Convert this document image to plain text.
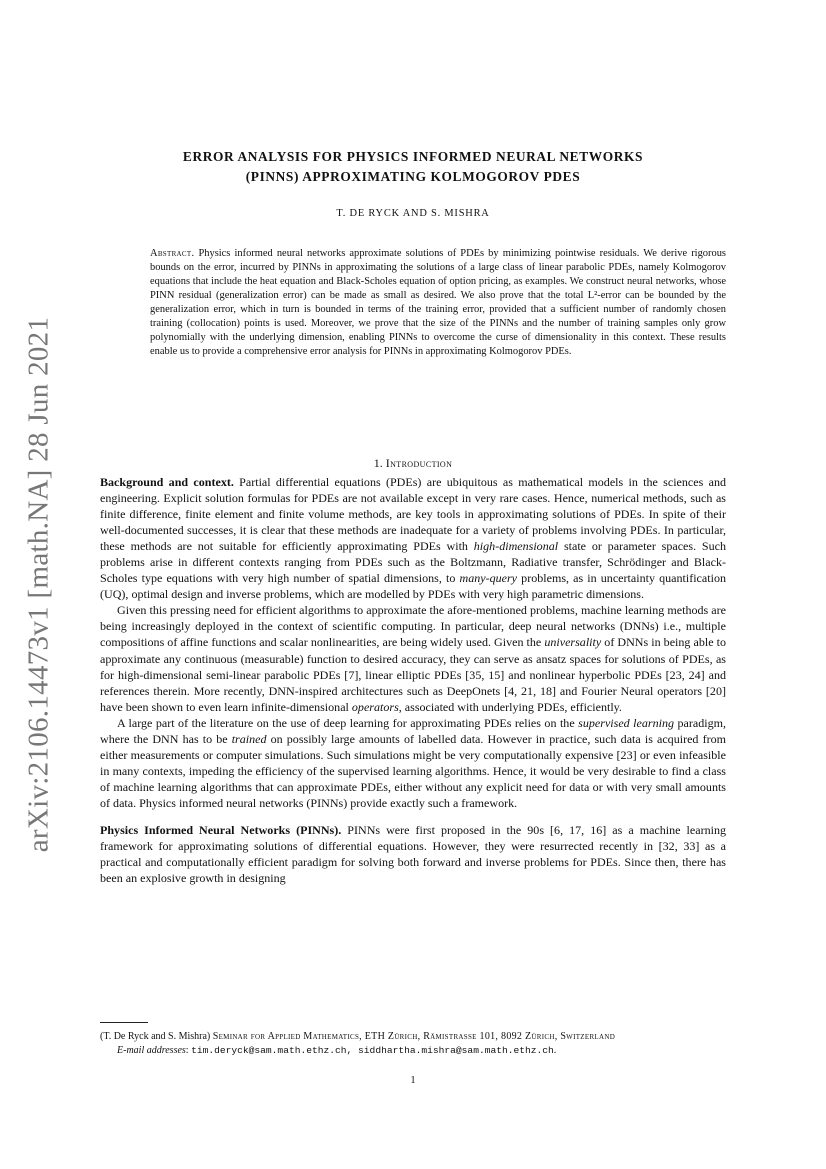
arXiv:2106.14473v1 [math.NA] 28 Jun 2021
ERROR ANALYSIS FOR PHYSICS INFORMED NEURAL NETWORKS
(PINNS) APPROXIMATING KOLMOGOROV PDES
T. DE RYCK AND S. MISHRA
Abstract. Physics informed neural networks approximate solutions of PDEs by minimizing pointwise residuals. We derive rigorous bounds on the error, incurred by PINNs in approximating the solutions of a large class of linear parabolic PDEs, namely Kolmogorov equations that include the heat equation and Black-Scholes equation of option pricing, as examples. We construct neural networks, whose PINN residual (generalization error) can be made as small as desired. We also prove that the total L²-error can be bounded by the generalization error, which in turn is bounded in terms of the training error, provided that a sufficient number of randomly chosen training (collocation) points is used. Moreover, we prove that the size of the PINNs and the number of training samples only grow polynomially with the underlying dimension, enabling PINNs to overcome the curse of dimensionality in this context. These results enable us to provide a comprehensive error analysis for PINNs in approximating Kolmogorov PDEs.
1. Introduction

Background and context. Partial differential equations (PDEs) are ubiquitous as mathematical models in the sciences and engineering. Explicit solution formulas for PDEs are not available except in very rare cases. Hence, numerical methods, such as finite difference, finite element and finite volume methods, are key tools in approximating solutions of PDEs. In spite of their well-documented successes, it is clear that these methods are inadequate for a variety of problems involving PDEs. In particular, these methods are not suitable for efficiently approximating PDEs with high-dimensional state or parameter spaces. Such problems arise in different contexts ranging from PDEs such as the Boltzmann, Radiative transfer, Schrödinger and Black-Scholes type equations with very high number of spatial dimensions, to many-query problems, as in uncertainty quantification (UQ), optimal design and inverse problems, which are modelled by PDEs with very high parametric dimensions.

Given this pressing need for efficient algorithms to approximate the afore-mentioned problems, machine learning methods are being increasingly deployed in the context of scientific computing. In particular, deep neural networks (DNNs) i.e., multiple compositions of affine functions and scalar nonlinearities, are being widely used. Given the universality of DNNs in being able to approximate any continuous (measurable) function to desired accuracy, they can serve as ansatz spaces for solutions of PDEs, as for high-dimensional semi-linear parabolic PDEs [7], linear elliptic PDEs [35, 15] and nonlinear hyperbolic PDEs [23, 24] and references therein. More recently, DNN-inspired architectures such as DeepOnets [4, 21, 18] and Fourier Neural operators [20] have been shown to even learn infinite-dimensional operators, associated with underlying PDEs, efficiently.

A large part of the literature on the use of deep learning for approximating PDEs relies on the supervised learning paradigm, where the DNN has to be trained on possibly large amounts of labelled data. However in practice, such data is acquired from either measurements or computer simulations. Such simulations might be very computationally expensive [23] or even infeasible in many contexts, impeding the efficiency of the supervised learning algorithms. Hence, it would be very desirable to find a class of machine learning algorithms that can approximate PDEs, either without any explicit need for data or with very small amounts of data. Physics informed neural networks (PINNs) provide exactly such a framework.

Physics Informed Neural Networks (PINNs). PINNs were first proposed in the 90s [6, 17, 16] as a machine learning framework for approximating solutions of differential equations. However, they were resurrected recently in [32, 33] as a practical and computationally efficient paradigm for solving both forward and inverse problems for PDEs. Since then, there has been an explosive growth in designing

(T. De Ryck and S. Mishra) Seminar for Applied Mathematics, ETH Zürich, Rämistrasse 101, 8092 Zürich, Switzerland

E-mail addresses: tim.deryck@sam.math.ethz.ch, siddhartha.mishra@sam.math.ethz.ch.

1
